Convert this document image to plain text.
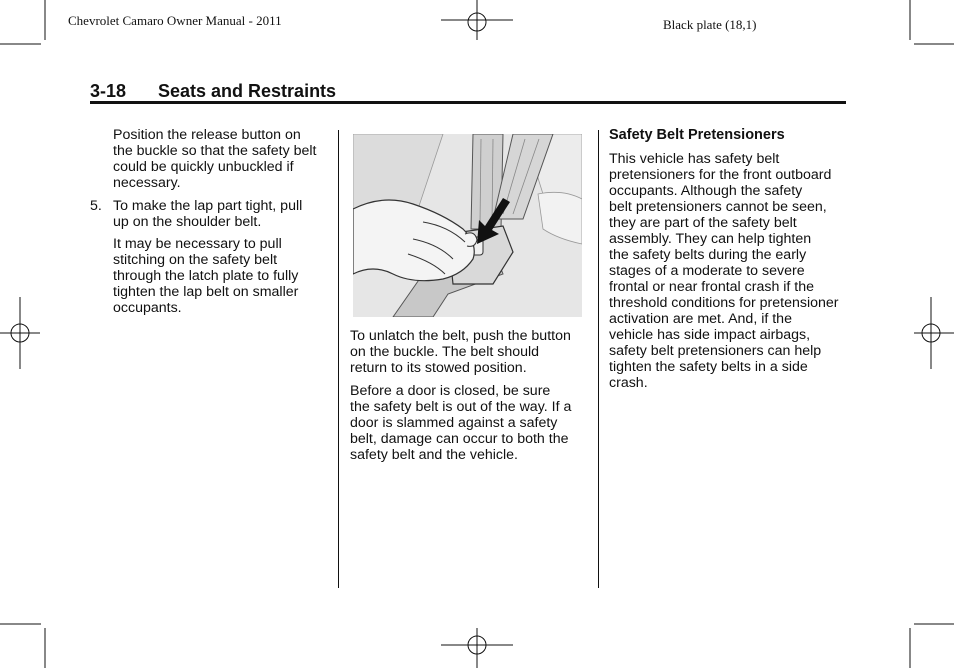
Chevrolet Camaro Owner Manual - 2011	Black plate (18,1)
3-18 Seats and Restraints
Position the release button on
the buckle so that the safety belt
could be quickly unbuckled if
necessary.
5. To make the lap part tight, pull
up on the shoulder belt.
It may be necessary to pull
stitching on the safety belt
through the latch plate to fully
tighten the lap belt on smaller
occupants.
To unlatch the belt, push the button
on the buckle. The belt should
return to its stowed position.
Before a door is closed, be sure
the safety belt is out of the way. If a
door is slammed against a safety
belt, damage can occur to both the
safety belt and the vehicle.
Safety Belt Pretensioners
This vehicle has safety belt
pretensioners for the front outboard
occupants. Although the safety
belt pretensioners cannot be seen,
they are part of the safety belt
assembly. They can help tighten
the safety belts during the early
stages of a moderate to severe
frontal or near frontal crash if the
threshold conditions for pretensioner
activation are met. And, if the
vehicle has side impact airbags,
safety belt pretensioners can help
tighten the safety belts in a side
crash.
